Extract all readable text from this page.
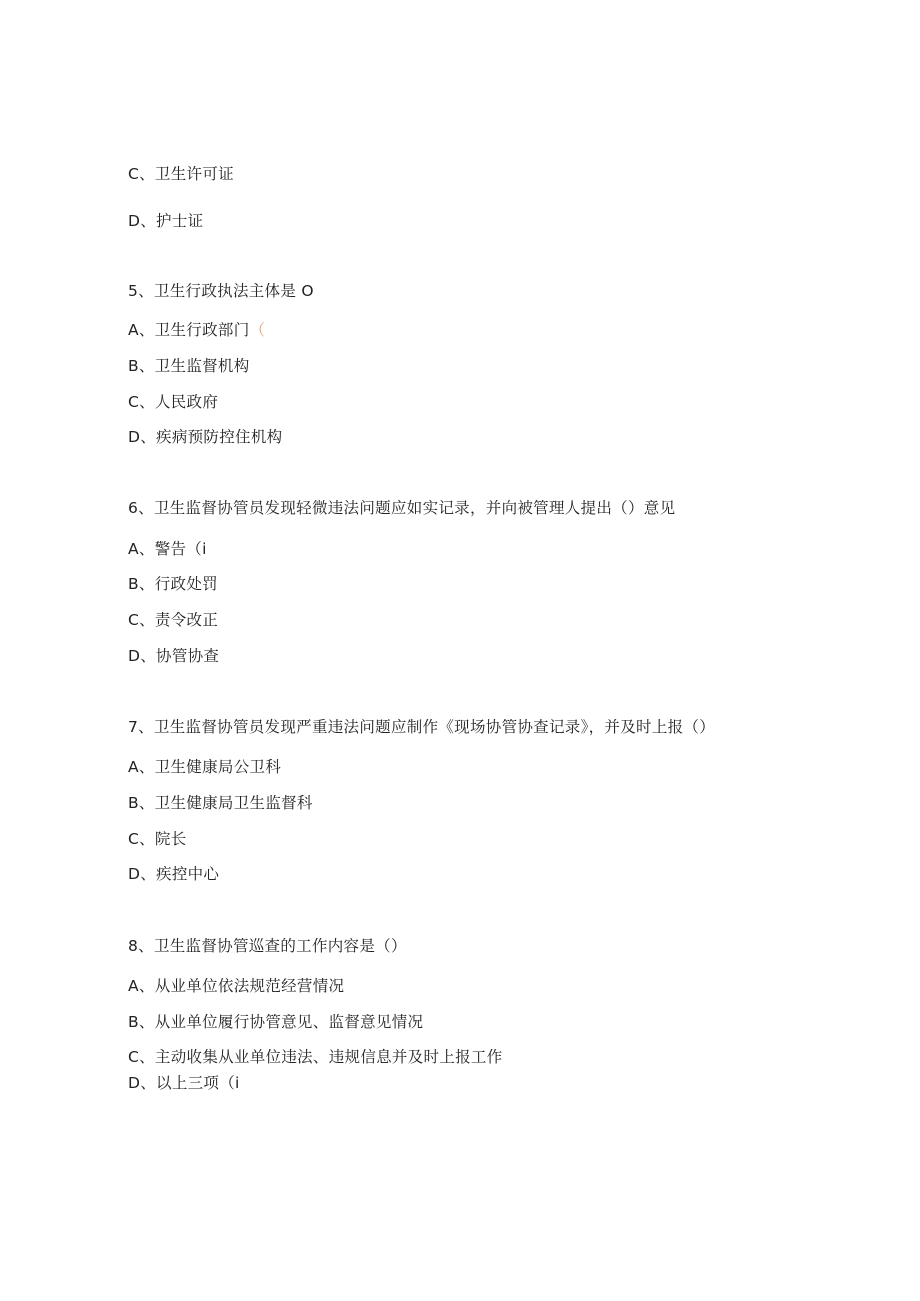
C、卫生许可证
D、护士证
5、卫生行政执法主体是 O
A、卫生行政部门（
B、卫生监督机构
C、人民政府
D、疾病预防控住机构
6、卫生监督协管员发现轻微违法问题应如实记录，并向被管理人提出（）意见
A、警告（i
B、行政处罚
C、责令改正
D、协管协查
7、卫生监督协管员发现严重违法问题应制作《现场协管协查记录》，并及时上报（）
A、卫生健康局公卫科
B、卫生健康局卫生监督科
C、院长
D、疾控中心
8、卫生监督协管巡查的工作内容是（）
A、从业单位依法规范经营情况
B、从业单位履行协管意见、监督意见情况
C、主动收集从业单位违法、违规信息并及时上报工作
D、以上三项（i
